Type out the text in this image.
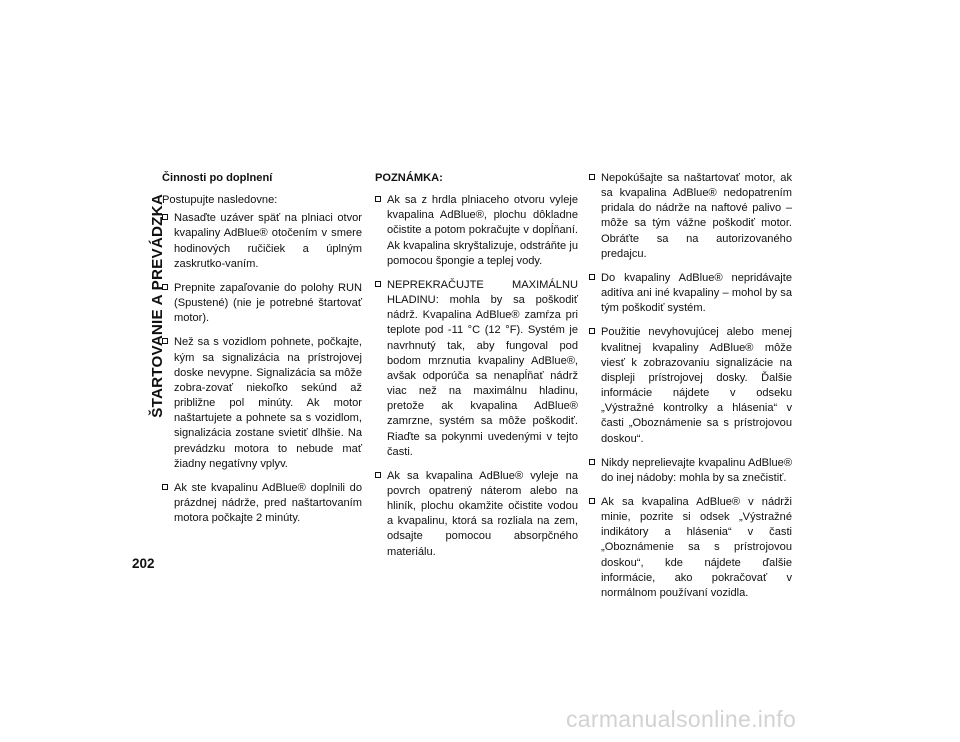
ŠTARTOVANIE A PREVÁDZKA
202
Činnosti po doplnení
Postupujte nasledovne:
Nasaďte uzáver späť na plniaci otvor kvapaliny AdBlue® otočením v smere hodinových ručičiek a úplným zaskrutko-vaním.
Prepnite zapaľovanie do polohy RUN (Spustené) (nie je potrebné štartovať motor).
Než sa s vozidlom pohnete, počkajte, kým sa signalizácia na prístrojovej doske nevypne. Signalizácia sa môže zobra-zovať niekoľko sekúnd až približne pol minúty. Ak motor naštartujete a pohnete sa s vozidlom, signalizácia zostane svietiť dlhšie. Na prevádzku motora to nebude mať žiadny negatívny vplyv.
Ak ste kvapalinu AdBlue® doplnili do prázdnej nádrže, pred naštartovaním motora počkajte 2 minúty.
POZNÁMKA:
Ak sa z hrdla plniaceho otvoru vyleje kvapalina AdBlue®, plochu dôkladne očistite a potom pokračujte v dopĺňaní. Ak kvapalina skryštalizuje, odstráňte ju pomocou špongie a teplej vody.
NEPREKRAČUJTE MAXIMÁLNU HLADINU: mohla by sa poškodiť nádrž. Kvapalina AdBlue® zamŕza pri teplote pod -11 °C (12 °F). Systém je navrhnutý tak, aby fungoval pod bodom mrznutia kvapaliny AdBlue®, avšak odporúča sa nenapĺňať nádrž viac než na maximálnu hladinu, pretože ak kvapalina AdBlue® zamrzne, systém sa môže poškodiť. Riaďte sa pokynmi uvedenými v tejto časti.
Ak sa kvapalina AdBlue® vyleje na povrch opatrený náterom alebo na hliník, plochu okamžite očistite vodou a kvapalinu, ktorá sa rozliala na zem, odsajte pomocou absorpčného materiálu.
Nepokúšajte sa naštartovať motor, ak sa kvapalina AdBlue® nedopatrením pridala do nádrže na naftové palivo – môže sa tým vážne poškodiť motor. Obráťte sa na autorizovaného predajcu.
Do kvapaliny AdBlue® nepridávajte aditíva ani iné kvapaliny – mohol by sa tým poškodiť systém.
Použitie nevyhovujúcej alebo menej kvalitnej kvapaliny AdBlue® môže viesť k zobrazovaniu signalizácie na displeji prístrojovej dosky. Ďalšie informácie nájdete v odseku „Výstražné kontrolky a hlásenia“ v časti „Oboznámenie sa s prístrojovou doskou“.
Nikdy neprelievajte kvapalinu AdBlue® do inej nádoby: mohla by sa znečistiť.
Ak sa kvapalina AdBlue® v nádrži minie, pozrite si odsek „Výstražné indikátory a hlásenia“ v časti „Oboznámenie sa s prístrojovou doskou“, kde nájdete ďalšie informácie, ako pokračovať v normálnom používaní vozidla.
carmanualsonline.info
